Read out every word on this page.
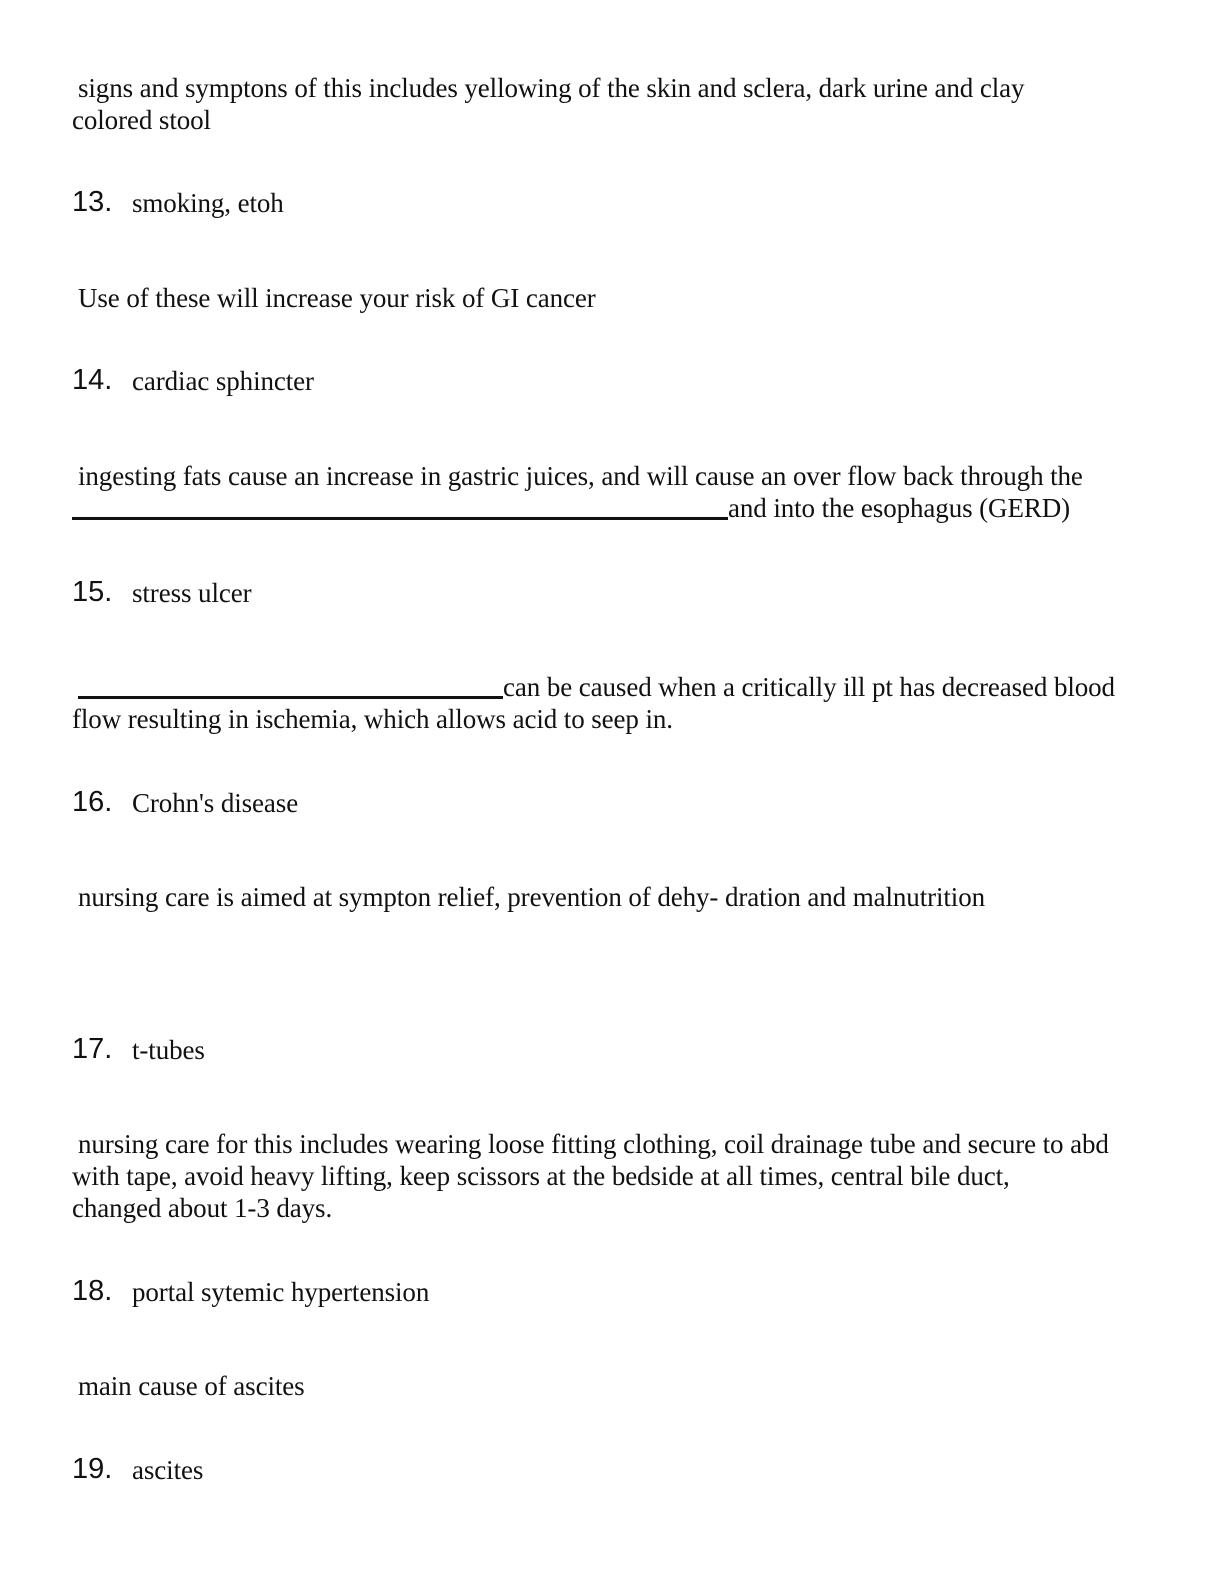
signs and symptons of this includes yellowing of the skin and sclera, dark urine and clay
colored stool
13. smoking, etoh
Use of these will increase your risk of GI cancer
14. cardiac sphincter
ingesting fats cause an increase in gastric juices, and will cause an over flow back through the
and into the esophagus (GERD)
15. stress ulcer
can be caused when a critically ill pt has decreased blood
flow resulting in ischemia, which allows acid to seep in.
16. Crohn's disease
nursing care is aimed at sympton relief, prevention of dehy- dration and malnutrition
17. t-tubes
nursing care for this includes wearing loose fitting clothing, coil drainage tube and secure to abd
with tape, avoid heavy lifting, keep scissors at the bedside at all times, central bile duct,
changed about 1-3 days.
18. portal sytemic hypertension
main cause of ascites
19. ascites
